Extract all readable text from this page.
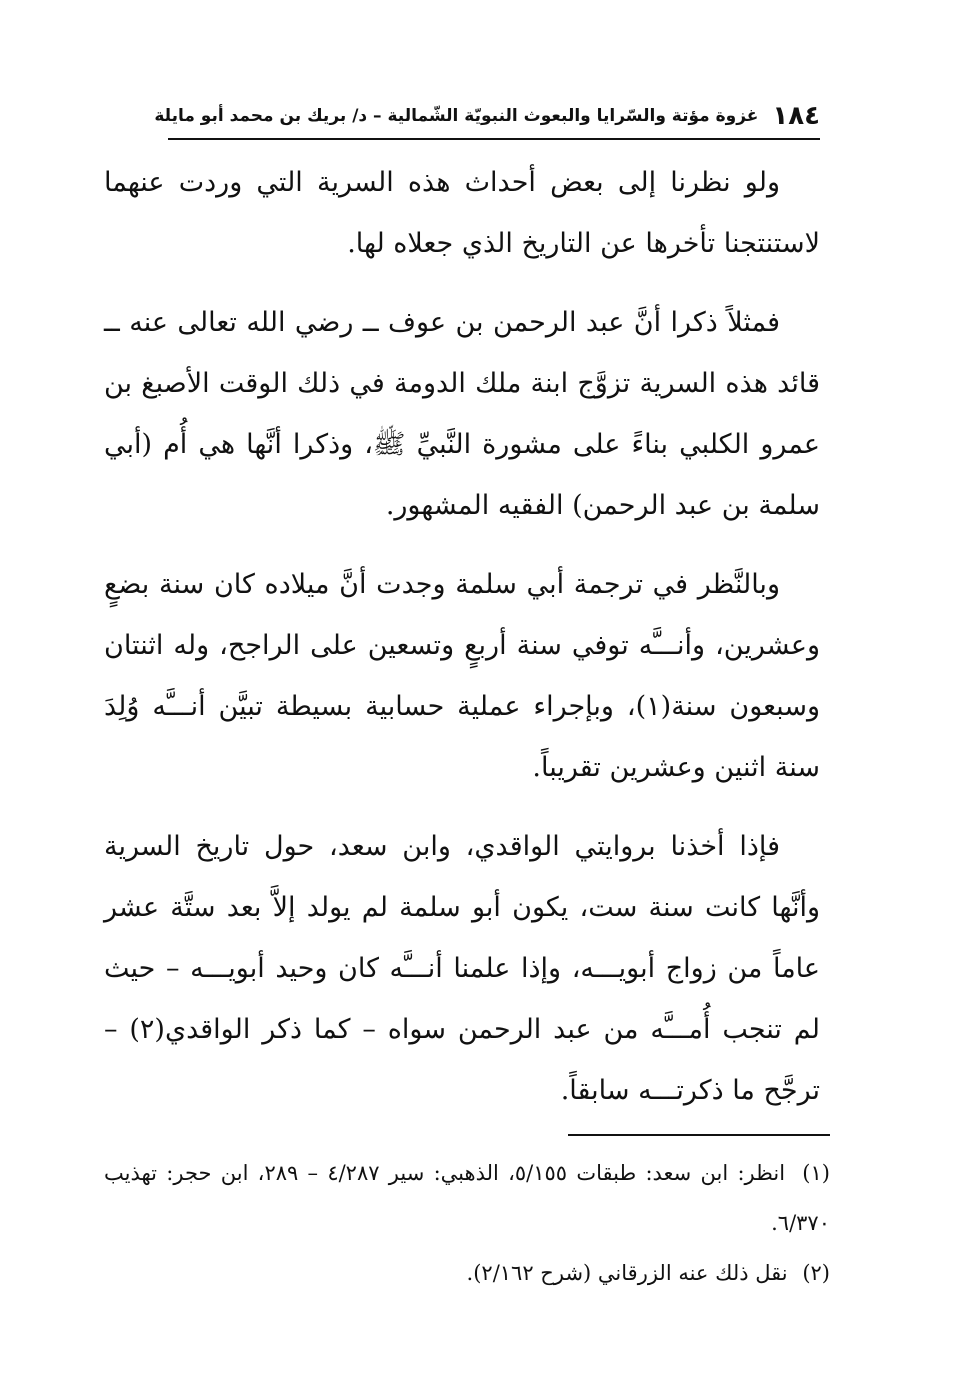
١٨٤
غزوة مؤتة والسّرايا والبعوث النبويّة الشّمالية – د/ بريك بن محمد أبو مايلة

ولو نظرنا إلى بعض أحداث هذه السرية التي وردت عنهما لاستنتجنا تأخرها عن التاريخ الذي جعلاه لها.

فمثلاً ذكرا أنَّ عبد الرحمن بن عوف ــ رضي الله تعالى عنه ــ قائد هذه السرية تزوَّج ابنة ملك الدومة في ذلك الوقت الأصبغ بن عمرو الكلبي بناءً على مشورة النَّبيِّ ﷺ، وذكرا أنَّها هي أُم (أبي سلمة بن عبد الرحمن) الفقيه المشهور.

وبالنَّظر في ترجمة أبي سلمة وجدت أنَّ ميلاده كان سنة بضعٍ وعشرين، وأنـــَّه توفي سنة أربعٍ وتسعين على الراجح، وله اثنتان وسبعون سنة(١)، وبإجراء عملية حسابية بسيطة تبيَّن أنـــَّه وُلِدَ سنة اثنين وعشرين تقريباً.

فإذا أخذنا بروايتي الواقدي، وابن سعد، حول تاريخ السرية وأنَّها كانت سنة ست، يكون أبو سلمة لم يولد إلاَّ بعد ستَّة عشر عاماً من زواج أبويـــه، وإذا علمنا أنـــَّه كان وحيد أبويـــه – حيث لم تنجب أُمـــَّه من عبد الرحمن سواه – كما ذكر الواقدي(٢) – ترجَّح ما ذكرتـــه سابقاً.

(١) انظر: ابن سعد: طبقات ٥/١٥٥، الذهبي: سير ٤/٢٨٧ – ٢٨٩، ابن حجر: تهذيب ٦/٣٧٠.

(٢) نقل ذلك عنه الزرقاني (شرح ٢/١٦٢).
